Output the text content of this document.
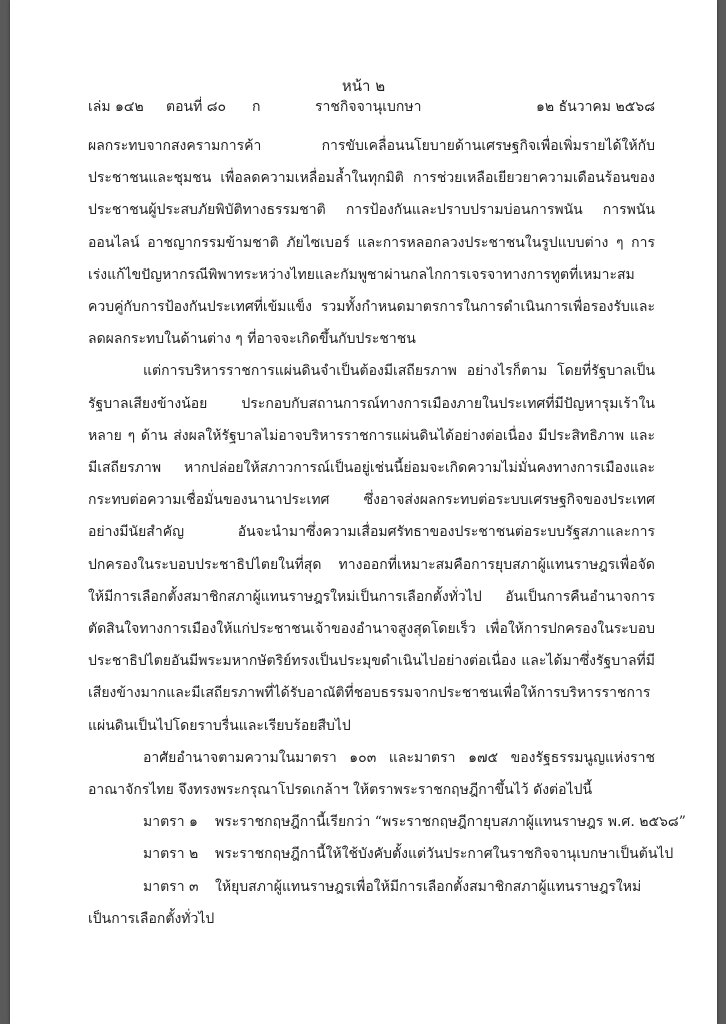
หน้า ๒
เล่ม ๑๔๒ ตอนที่ ๘๐ ก	ราชกิจจานุเบกษา	๑๒ ธันวาคม ๒๕๖๘

ผลกระทบจากสงครามการค้า การขับเคลื่อนนโยบายด้านเศรษฐกิจเพื่อเพิ่มรายได้ให้กับประชาชนและชุมชน เพื่อลดความเหลื่อมล้ำในทุกมิติ การช่วยเหลือเยียวยาความเดือนร้อนของประชาชนผู้ประสบภัยพิบัติทางธรรมชาติ การป้องกันและปราบปรามบ่อนการพนัน การพนันออนไลน์ อาชญากรรมข้ามชาติ ภัยไซเบอร์ และการหลอกลวงประชาชนในรูปแบบต่าง ๆ การเร่งแก้ไขปัญหากรณีพิพาทระหว่างไทยและกัมพูชาผ่านกลไกการเจรจาทางการทูตที่เหมาะสมควบคู่กับการป้องกันประเทศที่เข้มแข็ง รวมทั้งกำหนดมาตรการในการดำเนินการเพื่อรองรับและลดผลกระทบในด้านต่าง ๆ ที่อาจจะเกิดขึ้นกับประชาชน

แต่การบริหารราชการแผ่นดินจำเป็นต้องมีเสถียรภาพ อย่างไรก็ตาม โดยที่รัฐบาลเป็นรัฐบาลเสียงข้างน้อย ประกอบกับสถานการณ์ทางการเมืองภายในประเทศที่มีปัญหารุมเร้าในหลาย ๆ ด้าน ส่งผลให้รัฐบาลไม่อาจบริหารราชการแผ่นดินได้อย่างต่อเนื่อง มีประสิทธิภาพ และมีเสถียรภาพ หากปล่อยให้สภาวการณ์เป็นอยู่เช่นนี้ย่อมจะเกิดความไม่มั่นคงทางการเมืองและกระทบต่อความเชื่อมั่นของนานาประเทศ ซึ่งอาจส่งผลกระทบต่อระบบเศรษฐกิจของประเทศอย่างมีนัยสำคัญ อันจะนำมาซึ่งความเสื่อมศรัทธาของประชาชนต่อระบบรัฐสภาและการปกครองในระบอบประชาธิปไตยในที่สุด ทางออกที่เหมาะสมคือการยุบสภาผู้แทนราษฎรเพื่อจัดให้มีการเลือกตั้งสมาชิกสภาผู้แทนราษฎรใหม่เป็นการเลือกตั้งทั่วไป อันเป็นการคืนอำนาจการตัดสินใจทางการเมืองให้แก่ประชาชนเจ้าของอำนาจสูงสุดโดยเร็ว เพื่อให้การปกครองในระบอบประชาธิปไตยอันมีพระมหากษัตริย์ทรงเป็นประมุขดำเนินไปอย่างต่อเนื่อง และได้มาซึ่งรัฐบาลที่มีเสียงข้างมากและมีเสถียรภาพที่ได้รับอาณัติที่ชอบธรรมจากประชาชนเพื่อให้การบริหารราชการแผ่นดินเป็นไปโดยราบรื่นและเรียบร้อยสืบไป

อาศัยอำนาจตามความในมาตรา ๑๐๓ และมาตรา ๑๗๕ ของรัฐธรรมนูญแห่งราชอาณาจักรไทย จึงทรงพระกรุณาโปรดเกล้าฯ ให้ตราพระราชกฤษฎีกาขึ้นไว้ ดังต่อไปนี้

มาตรา ๑ พระราชกฤษฎีกานี้เรียกว่า “พระราชกฤษฎีกายุบสภาผู้แทนราษฎร พ.ศ. ๒๕๖๘”

มาตรา ๒ พระราชกฤษฎีกานี้ให้ใช้บังคับตั้งแต่วันประกาศในราชกิจจานุเบกษาเป็นต้นไป

มาตรา ๓ ให้ยุบสภาผู้แทนราษฎรเพื่อให้มีการเลือกตั้งสมาชิกสภาผู้แทนราษฎรใหม่เป็นการเลือกตั้งทั่วไป
